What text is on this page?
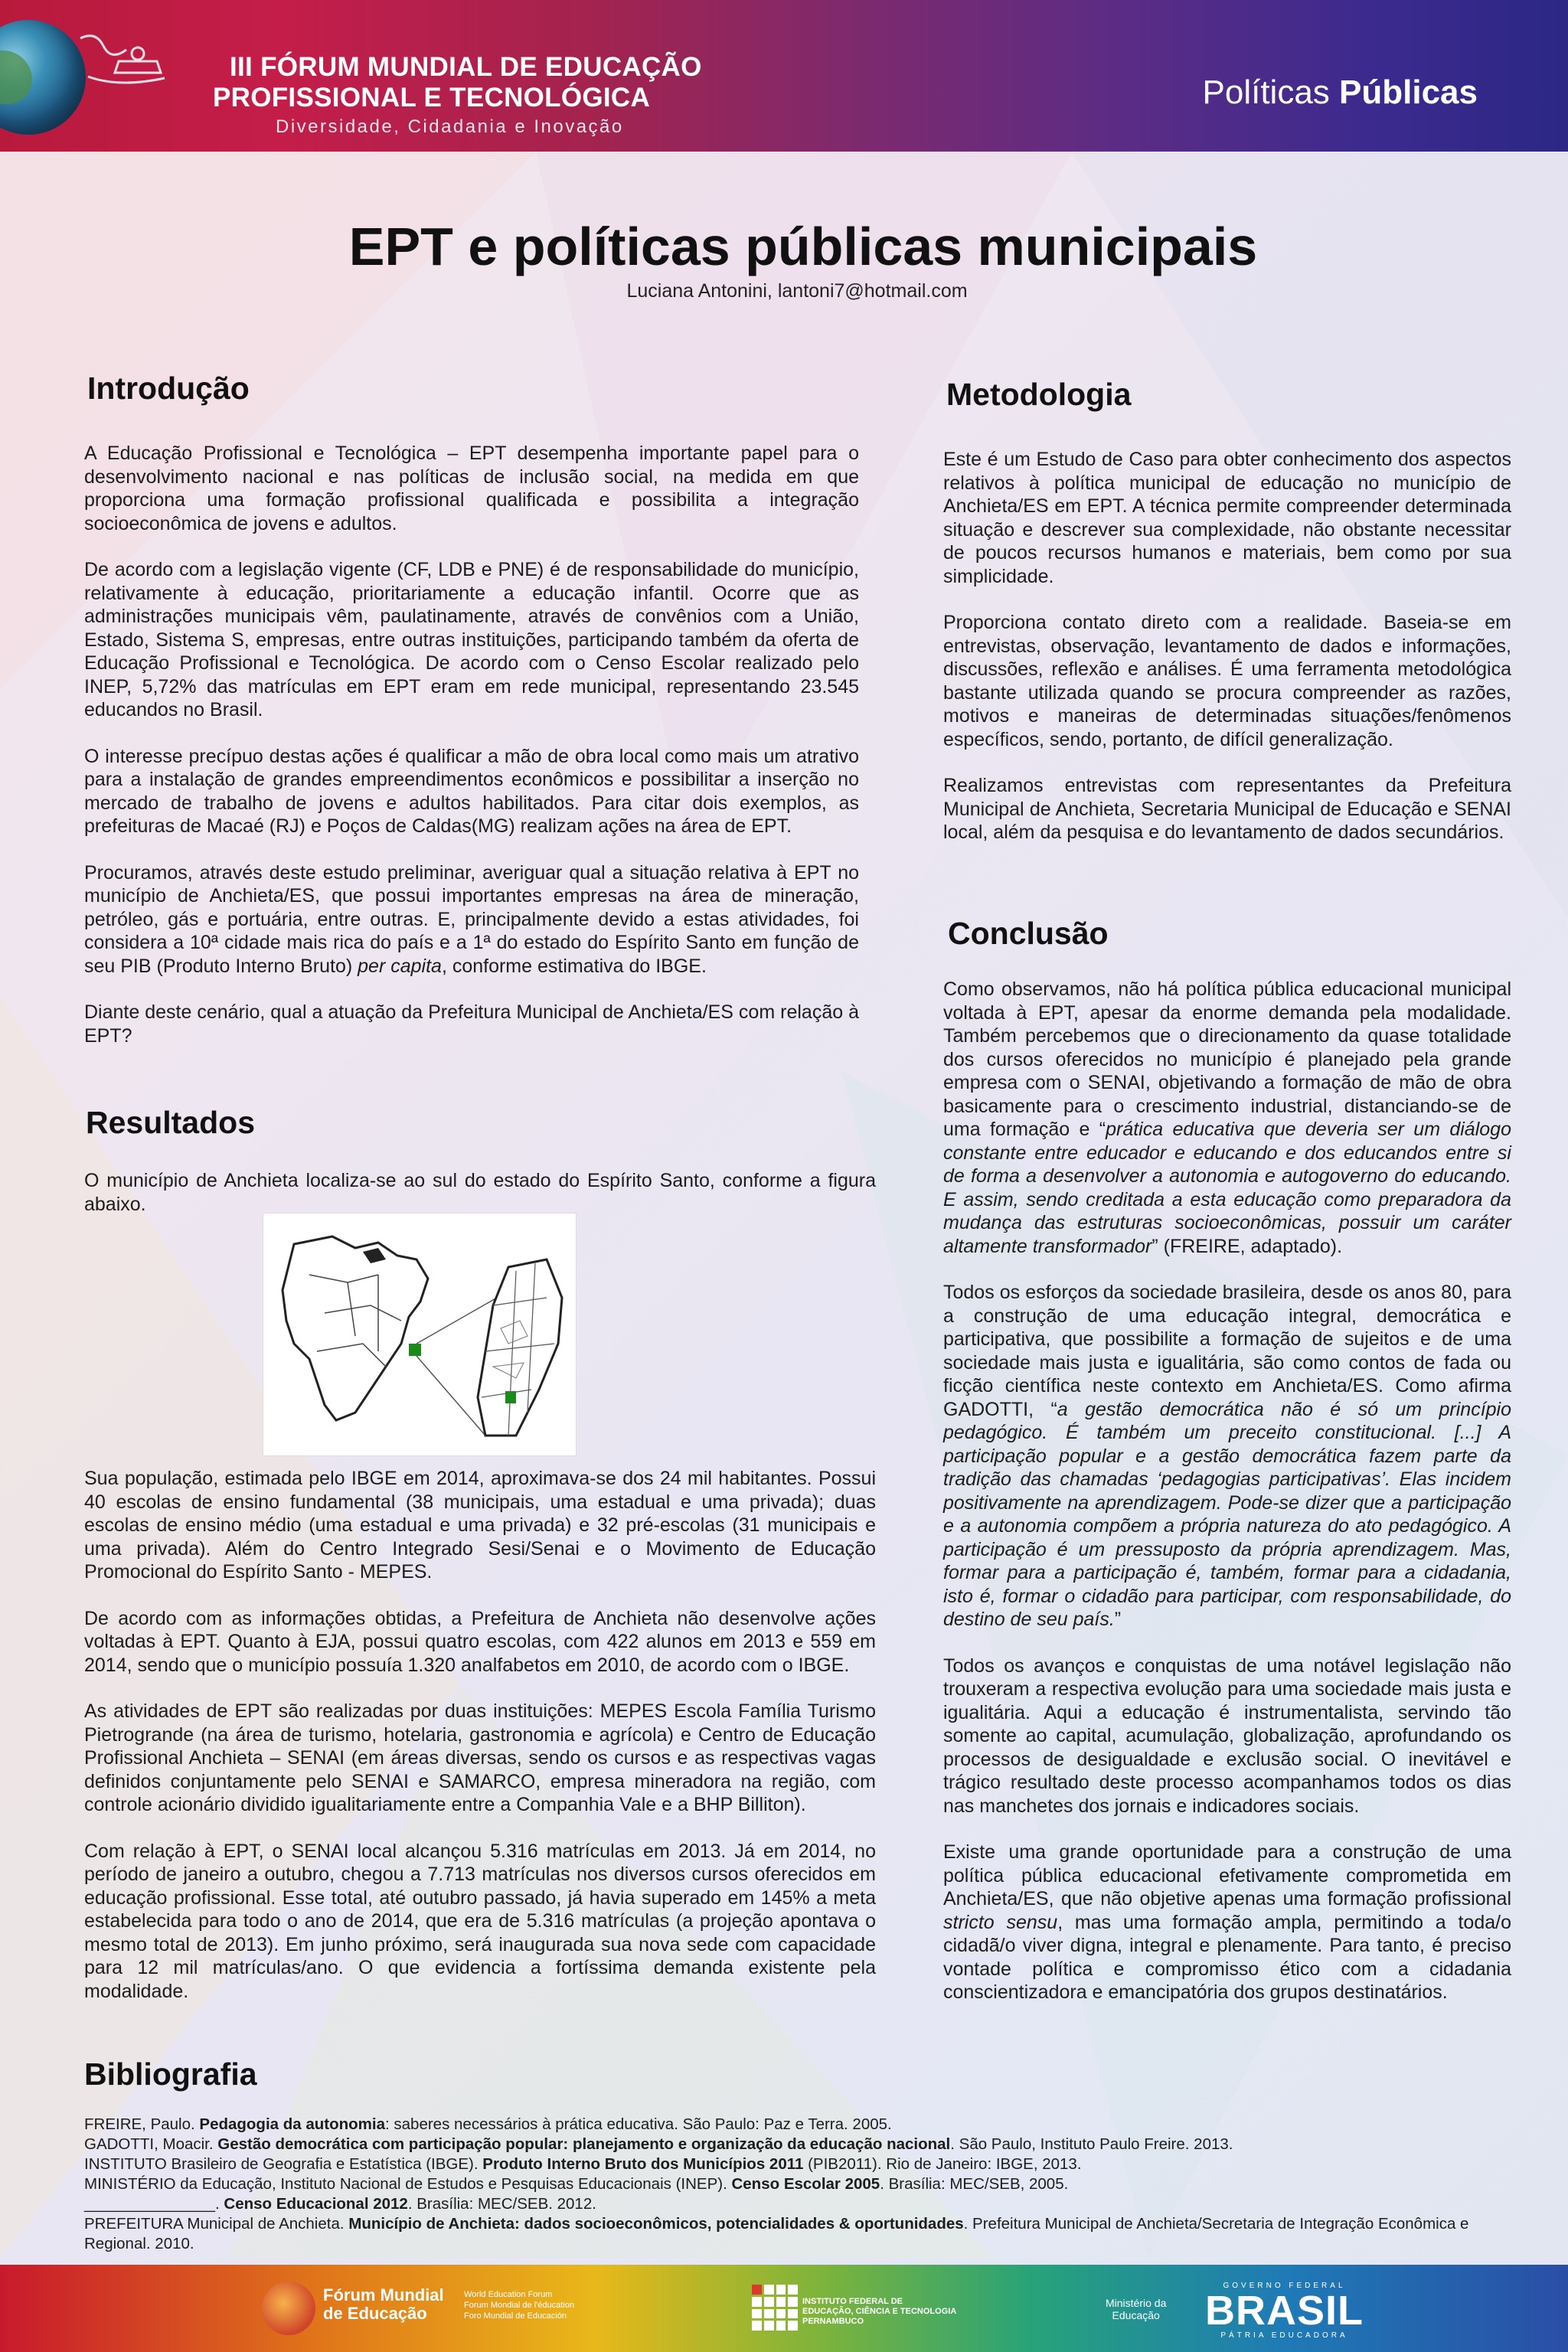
III FÓRUM MUNDIAL DE EDUCAÇÃO
PROFISSIONAL E TECNOLÓGICA
Diversidade, Cidadania e Inovação
Políticas Públicas
EPT e políticas públicas municipais
Luciana Antonini, lantoni7@hotmail.com
Introdução

A Educação Profissional e Tecnológica – EPT desempenha importante papel para o desenvolvimento nacional e nas políticas de inclusão social, na medida em que proporciona uma formação profissional qualificada e possibilita a integração socioeconômica de jovens e adultos.

De acordo com a legislação vigente (CF, LDB e PNE) é de responsabilidade do município, relativamente à educação, prioritariamente a educação infantil. Ocorre que as administrações municipais vêm, paulatinamente, através de convênios com a União, Estado, Sistema S, empresas, entre outras instituições, participando também da oferta de Educação Profissional e Tecnológica. De acordo com o Censo Escolar realizado pelo INEP, 5,72% das matrículas em EPT eram em rede municipal, representando 23.545 educandos no Brasil.

O interesse precípuo destas ações é qualificar a mão de obra local como mais um atrativo para a instalação de grandes empreendimentos econômicos e possibilitar a inserção no mercado de trabalho de jovens e adultos habilitados. Para citar dois exemplos, as prefeituras de Macaé (RJ) e Poços de Caldas(MG) realizam ações na área de EPT.

Procuramos, através deste estudo preliminar, averiguar qual a situação relativa à EPT no município de Anchieta/ES, que possui importantes empresas na área de mineração, petróleo, gás e portuária, entre outras. E, principalmente devido a estas atividades, foi considera a 10ª cidade mais rica do país e a 1ª do estado do Espírito Santo em função de seu PIB (Produto Interno Bruto) per capita, conforme estimativa do IBGE.

Diante deste cenário, qual a atuação da Prefeitura Municipal de Anchieta/ES com relação à EPT?

Resultados

O município de Anchieta localiza-se ao sul do estado do Espírito Santo, conforme a figura abaixo.

Sua população, estimada pelo IBGE em 2014, aproximava-se dos 24 mil habitantes. Possui 40 escolas de ensino fundamental (38 municipais, uma estadual e uma privada); duas escolas de ensino médio (uma estadual e uma privada) e 32 pré-escolas (31 municipais e uma privada). Além do Centro Integrado Sesi/Senai e o Movimento de Educação Promocional do Espírito Santo - MEPES.

De acordo com as informações obtidas, a Prefeitura de Anchieta não desenvolve ações voltadas à EPT. Quanto à EJA, possui quatro escolas, com 422 alunos em 2013 e 559 em 2014, sendo que o município possuía 1.320 analfabetos em 2010, de acordo com o IBGE.

As atividades de EPT são realizadas por duas instituições: MEPES Escola Família Turismo Pietrogrande (na área de turismo, hotelaria, gastronomia e agrícola) e Centro de Educação Profissional Anchieta – SENAI (em áreas diversas, sendo os cursos e as respectivas vagas definidos conjuntamente pelo SENAI e SAMARCO, empresa mineradora na região, com controle acionário dividido igualitariamente entre a Companhia Vale e a BHP Billiton).

Com relação à EPT, o SENAI local alcançou 5.316 matrículas em 2013. Já em 2014, no período de janeiro a outubro, chegou a 7.713 matrículas nos diversos cursos oferecidos em educação profissional. Esse total, até outubro passado, já havia superado em 145% a meta estabelecida para todo o ano de 2014, que era de 5.316 matrículas (a projeção apontava o mesmo total de 2013). Em junho próximo, será inaugurada sua nova sede com capacidade para 12 mil matrículas/ano. O que evidencia a fortíssima demanda existente pela modalidade.

Bibliografia
Metodologia

Este é um Estudo de Caso para obter conhecimento dos aspectos relativos à política municipal de educação no município de Anchieta/ES em EPT. A técnica permite compreender determinada situação e descrever sua complexidade, não obstante necessitar de poucos recursos humanos e materiais, bem como por sua simplicidade.

Proporciona contato direto com a realidade. Baseia-se em entrevistas, observação, levantamento de dados e informações, discussões, reflexão e análises. É uma ferramenta metodológica bastante utilizada quando se procura compreender as razões, motivos e maneiras de determinadas situações/fenômenos específicos, sendo, portanto, de difícil generalização.

Realizamos entrevistas com representantes da Prefeitura Municipal de Anchieta, Secretaria Municipal de Educação e SENAI local, além da pesquisa e do levantamento de dados secundários.

Conclusão

Como observamos, não há política pública educacional municipal voltada à EPT, apesar da enorme demanda pela modalidade. Também percebemos que o direcionamento da quase totalidade dos cursos oferecidos no município é planejado pela grande empresa com o SENAI, objetivando a formação de mão de obra basicamente para o crescimento industrial, distanciando-se de uma formação e “prática educativa que deveria ser um diálogo constante entre educador e educando e dos educandos entre si de forma a desenvolver a autonomia e autogoverno do educando. E assim, sendo creditada a esta educação como preparadora da mudança das estruturas socioeconômicas, possuir um caráter altamente transformador” (FREIRE, adaptado).

Todos os esforços da sociedade brasileira, desde os anos 80, para a construção de uma educação integral, democrática e participativa, que possibilite a formação de sujeitos e de uma sociedade mais justa e igualitária, são como contos de fada ou ficção científica neste contexto em Anchieta/ES. Como afirma GADOTTI, “a gestão democrática não é só um princípio pedagógico. É também um preceito constitucional. [...] A participação popular e a gestão democrática fazem parte da tradição das chamadas ‘pedagogias participativas’. Elas incidem positivamente na aprendizagem. Pode-se dizer que a participação e a autonomia compõem a própria natureza do ato pedagógico. A participação é um pressuposto da própria aprendizagem. Mas, formar para a participação é, também, formar para a cidadania, isto é, formar o cidadão para participar, com responsabilidade, do destino de seu país.”

Todos os avanços e conquistas de uma notável legislação não trouxeram a respectiva evolução para uma sociedade mais justa e igualitária. Aqui a educação é instrumentalista, servindo tão somente ao capital, acumulação, globalização, aprofundando os processos de desigualdade e exclusão social. O inevitável e trágico resultado deste processo acompanhamos todos os dias nas manchetes dos jornais e indicadores sociais.

Existe uma grande oportunidade para a construção de uma política pública educacional efetivamente comprometida em Anchieta/ES, que não objetive apenas uma formação profissional stricto sensu, mas uma formação ampla, permitindo a toda/o cidadã/o viver digna, integral e plenamente. Para tanto, é preciso vontade política e compromisso ético com a cidadania conscientizadora e emancipatória dos grupos destinatários.

FREIRE, Paulo. Pedagogia da autonomia: saberes necessários à prática educativa. São Paulo: Paz e Terra. 2005.
GADOTTI, Moacir. Gestão democrática com participação popular: planejamento e organização da educação nacional. São Paulo, Instituto Paulo Freire. 2013.
INSTITUTO Brasileiro de Geografia e Estatística (IBGE). Produto Interno Bruto dos Municípios 2011 (PIB2011). Rio de Janeiro: IBGE, 2013.
MINISTÉRIO da Educação, Instituto Nacional de Estudos e Pesquisas Educacionais (INEP). Censo Escolar 2005. Brasília: MEC/SEB, 2005.
_______________. Censo Educacional 2012. Brasília: MEC/SEB. 2012.
PREFEITURA Municipal de Anchieta. Município de Anchieta: dados socioeconômicos, potencialidades & oportunidades. Prefeitura Municipal de Anchieta/Secretaria de Integração Econômica e Regional. 2010.
Fórum Mundial de Educação
World Education Forum
Forum Mondial de l'éducation
Foro Mundial de Educación
INSTITUTO FEDERAL DE
EDUCAÇÃO, CIÊNCIA E TECNOLOGIA
PERNAMBUCO
Ministério da
Educação
GOVERNO FEDERAL
BRASIL
PÁTRIA EDUCADORA
